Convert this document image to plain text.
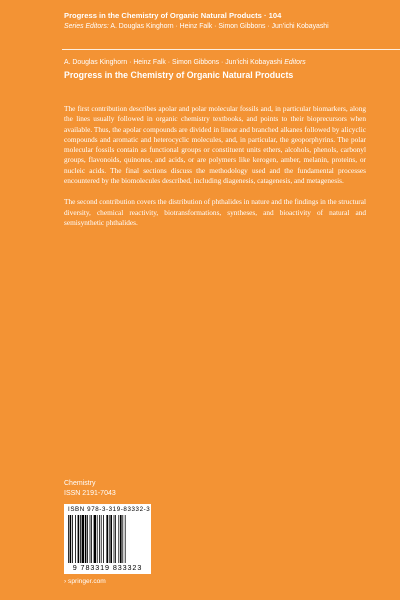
Progress in the Chemistry of Organic Natural Products · 104
Series Editors: A. Douglas Kinghorn · Heinz Falk · Simon Gibbons · Jun’ichi Kobayashi
A. Douglas Kinghorn · Heinz Falk · Simon Gibbons · Jun’ichi Kobayashi Editors
Progress in the Chemistry of Organic Natural Products

The first contribution describes apolar and polar molecular fossils and, in particular biomarkers, along the lines usually followed in organic chemistry textbooks, and points to their bioprecursors when available. Thus, the apolar compounds are divided in linear and branched alkanes followed by alicyclic compounds and aromatic and heterocyclic molecules, and, in particular, the geoporphyrins. The polar molecular fossils contain as functional groups or constituent units ethers, alcohols, phenols, carbonyl groups, flavonoids, quinones, and acids, or are polymers like kerogen, amber, melanin, proteins, or nucleic acids. The final sections discuss the methodology used and the fundamental processes encountered by the biomolecules described, including diagenesis, catagenesis, and metagenesis.

The second contribution covers the distribution of phthalides in nature and the findings in the structural diversity, chemical reactivity, biotransformations, syntheses, and bioactivity of natural and semisynthetic phthalides.

Chemistry
ISSN 2191-7043
ISBN 978-3-319-83332-3
9 783319 833323
› springer.com
